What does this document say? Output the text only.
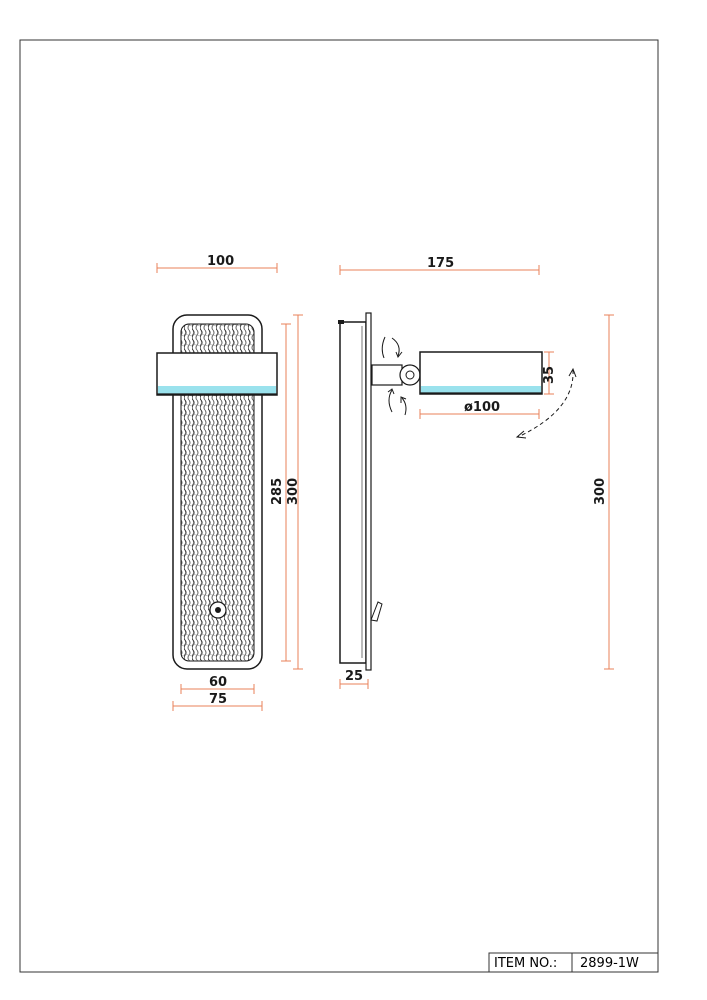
ITEM NO.: 2899-1W
100
285 300
60
75
175
35
ø100
25
300
